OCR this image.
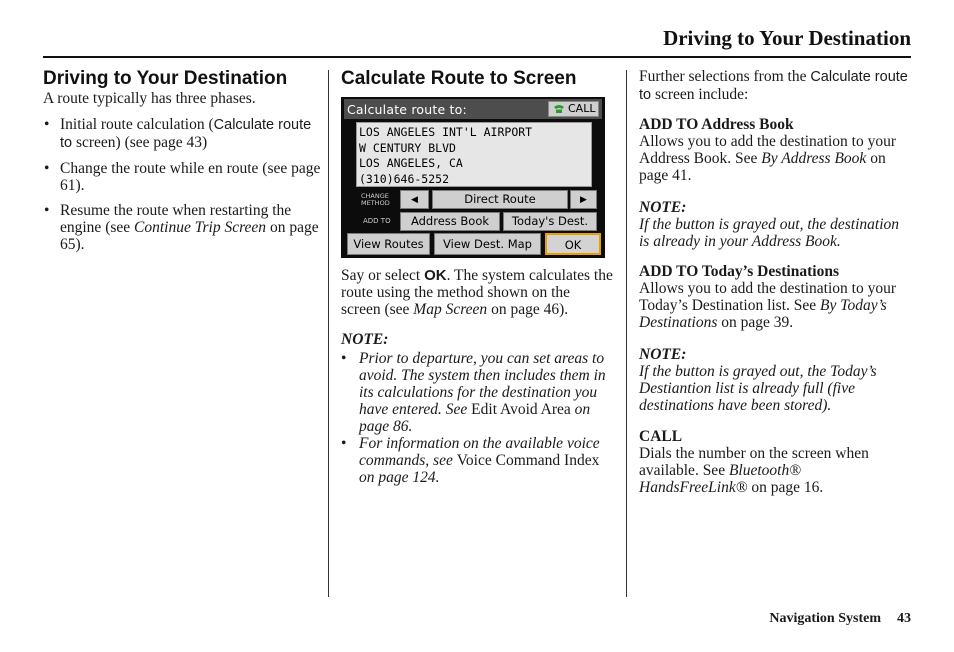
Driving to Your Destination
Driving to Your Destination
A route typically has three phases.
• Initial route calculation (Calculate route to screen) (see page 43)
• Change the route while en route (see page 61).
• Resume the route when restarting the engine (see Continue Trip Screen on page 65).
Calculate Route to Screen
Calculate route to:	CALL
LOS ANGELES INT'L AIRPORT
W CENTURY BLVD
LOS ANGELES, CA
(310)646-5252
CHANGE
METHOD	◀	Direct Route	▶
ADD TO	Address Book	Today's Dest.
View Routes	View Dest. Map	OK

Say or select OK. The system calculates the route using the method shown on the screen (see Map Screen on page 46).

NOTE:
• Prior to departure, you can set areas to avoid. The system then includes them in its calculations for the destination you have entered. See Edit Avoid Area on page 86.
• For information on the available voice commands, see Voice Command Index on page 124.

Further selections from the Calculate route to screen include:

ADD TO Address Book

Allows you to add the destination to your Address Book. See By Address Book on page 41.

NOTE:

If the button is grayed out, the destination is already in your Address Book.

ADD TO Today’s Destinations

Allows you to add the destination to your Today’s Destination list. See By Today’s Destinations on page 39.

NOTE:

If the button is grayed out, the Today’s Destiantion list is already full (five destinations have been stored).

CALL

Dials the number on the screen when available. See Bluetooth® HandsFreeLink® on page 16.

Navigation System 43
